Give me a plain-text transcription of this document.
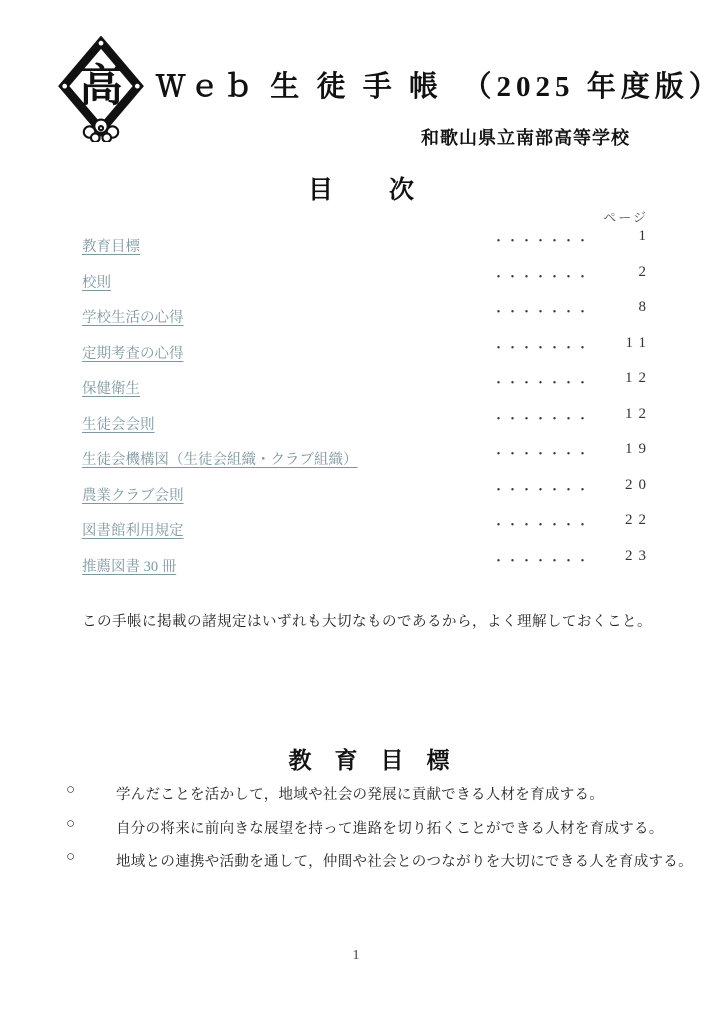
高 Ｗｅｂ 生 徒 手 帳　（2025 年度版）
和歌山県立南部高等学校
目　　次
ページ
教育目標	・・・・・・・	1
校則	・・・・・・・	2
学校生活の心得	・・・・・・・	8
定期考査の心得	・・・・・・・ 11
保健衛生	・・・・・・・ 12
生徒会会則	・・・・・・・ 12
生徒会機構図（生徒会組織・クラブ組織）	・・・・・・・ 19
農業クラブ会則	・・・・・・・ 20
図書館利用規定	・・・・・・・ 22
推薦図書 30 冊	・・・・・・・ 23
この手帳に掲載の諸規定はいずれも大切なものであるから，よく理解しておくこと。
教　育　目　標
○	学んだことを活かして，地域や社会の発展に貢献できる人材を育成する。
○	自分の将来に前向きな展望を持って進路を切り拓くことができる人材を育成する。
○	地域との連携や活動を通して，仲間や社会とのつながりを大切にできる人を育成する。
1
